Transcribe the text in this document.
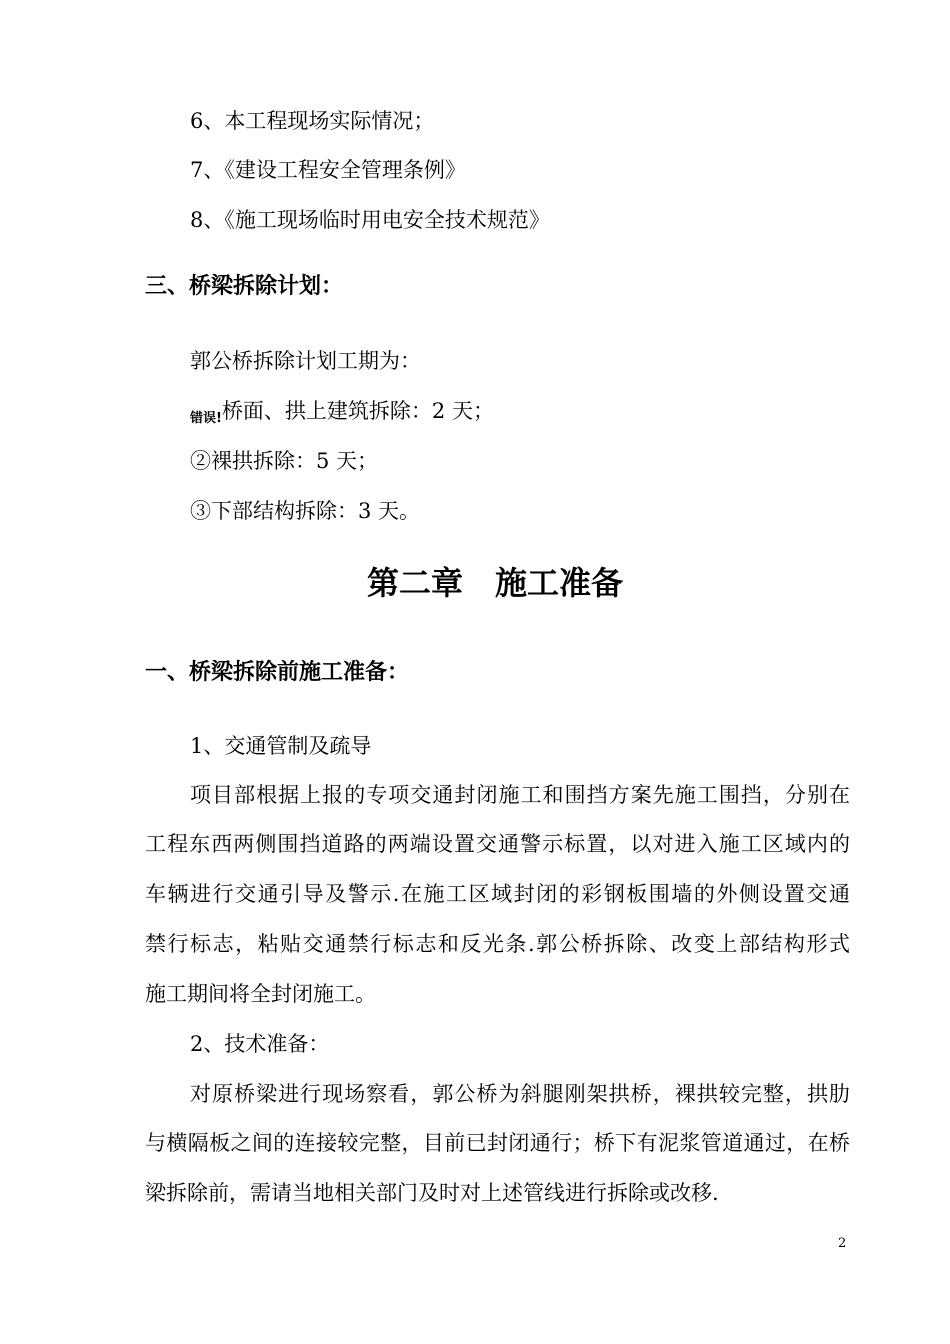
6、本工程现场实际情况；
7、《建设工程安全管理条例》
8、《施工现场临时用电安全技术规范》
三、桥梁拆除计划：
郭公桥拆除计划工期为：
错误!桥面、拱上建筑拆除：2 天；
②裸拱拆除：5 天；
③下部结构拆除：3 天。
第二章　施工准备
一、桥梁拆除前施工准备：
1、交通管制及疏导
项目部根据上报的专项交通封闭施工和围挡方案先施工围挡，分别在
工程东西两侧围挡道路的两端设置交通警示标置，以对进入施工区域内的
车辆进行交通引导及警示.在施工区域封闭的彩钢板围墙的外侧设置交通
禁行标志，粘贴交通禁行标志和反光条.郭公桥拆除、改变上部结构形式
施工期间将全封闭施工。
2、技术准备：
对原桥梁进行现场察看，郭公桥为斜腿刚架拱桥，裸拱较完整，拱肋
与横隔板之间的连接较完整，目前已封闭通行；桥下有泥浆管道通过，在桥
梁拆除前，需请当地相关部门及时对上述管线进行拆除或改移.
2
